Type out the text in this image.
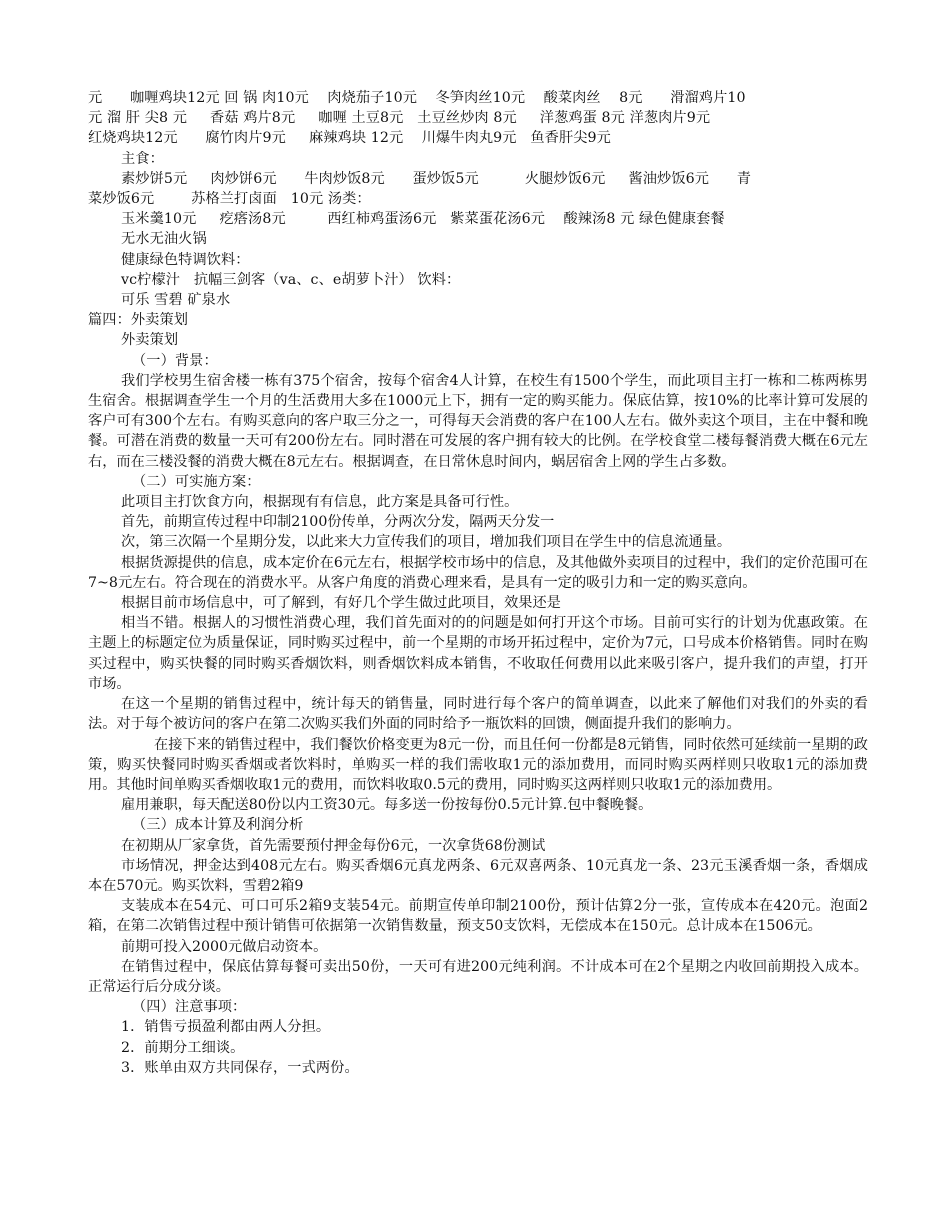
元      咖喱鸡块12元 回 锅 肉10元    肉烧茄子10元    冬笋肉丝10元    酸菜肉丝    8元      滑溜鸡片10
元 溜 肝 尖8 元     香菇 鸡片8元     咖喱 土豆8元   土豆丝炒肉 8元     洋葱鸡蛋 8元 洋葱肉片9元
红烧鸡块12元      腐竹肉片9元     麻辣鸡块 12元    川爆牛肉丸9元   鱼香肝尖9元
主食：
素炒饼5元     肉炒饼6元      牛肉炒饭8元      蛋炒饭5元          火腿炒饭6元     酱油炒饭6元      青
菜炒饭6元        苏格兰打卤面   10元 汤类：
玉米羹10元     疙瘩汤8元         西红柿鸡蛋汤6元   紫菜蛋花汤6元    酸辣汤8 元 绿色健康套餐
无水无油火锅
健康绿色特调饮料：
vc柠檬汁   抗幅三剑客（va、c、e胡萝卜汁） 饮料：
可乐 雪碧 矿泉水
篇四：外卖策划
外卖策划
（一）背景：
我们学校男生宿舍楼一栋有375个宿舍，按每个宿舍4人计算，在校生有1500个学生，而此项目主打一栋和二栋两栋男生宿舍。根据调查学生一个月的生活费用大多在1000元上下，拥有一定的购买能力。保底估算，按10%的比率计算可发展的客户可有300个左右。有购买意向的客户取三分之一，可得每天会消费的客户在100人左右。做外卖这个项目，主在中餐和晚餐。可潜在消费的数量一天可有200份左右。同时潜在可发展的客户拥有较大的比例。在学校食堂二楼每餐消费大概在6元左右，而在三楼没餐的消费大概在8元左右。根据调查，在日常休息时间内，蜗居宿舍上网的学生占多数。
（二）可实施方案：
此项目主打饮食方向，根据现有有信息，此方案是具备可行性。
首先，前期宣传过程中印制2100份传单，分两次分发，隔两天分发一
次，第三次隔一个星期分发，以此来大力宣传我们的项目，增加我们项目在学生中的信息流通量。
根据货源提供的信息，成本定价在6元左右，根据学校市场中的信息，及其他做外卖项目的过程中，我们的定价范围可在7~8元左右。符合现在的消费水平。从客户角度的消费心理来看，是具有一定的吸引力和一定的购买意向。
根据目前市场信息中，可了解到，有好几个学生做过此项目，效果还是
相当不错。根据人的习惯性消费心理，我们首先面对的的问题是如何打开这个市场。目前可实行的计划为优惠政策。在主题上的标题定位为质量保证，同时购买过程中，前一个星期的市场开拓过程中，定价为7元，口号成本价格销售。同时在购买过程中，购买快餐的同时购买香烟饮料，则香烟饮料成本销售，不收取任何费用以此来吸引客户，提升我们的声望，打开市场。
在这一个星期的销售过程中，统计每天的销售量，同时进行每个客户的简单调查，以此来了解他们对我们的外卖的看法。对于每个被访问的客户在第二次购买我们外面的同时给予一瓶饮料的回馈，侧面提升我们的影响力。
在接下来的销售过程中，我们餐饮价格变更为8元一份，而且任何一份都是8元销售，同时依然可延续前一星期的政策，购买快餐同时购买香烟或者饮料时，单购买一样的我们需收取1元的添加费用，而同时购买两样则只收取1元的添加费用。其他时间单购买香烟收取1元的费用，而饮料收取0.5元的费用，同时购买这两样则只收取1元的添加费用。
雇用兼职，每天配送80份以内工资30元。每多送一份按每份0.5元计算.包中餐晚餐。
（三）成本计算及利润分析
在初期从厂家拿货，首先需要预付押金每份6元，一次拿货68份测试
市场情况，押金达到408元左右。购买香烟6元真龙两条、6元双喜两条、10元真龙一条、23元玉溪香烟一条，香烟成本在570元。购买饮料，雪碧2箱9
支装成本在54元、可口可乐2箱9支装54元。前期宣传单印制2100份，预计估算2分一张，宣传成本在420元。泡面2箱，在第二次销售过程中预计销售可依据第一次销售数量，预支50支饮料，无偿成本在150元。总计成本在1506元。
前期可投入2000元做启动资本。
在销售过程中，保底估算每餐可卖出50份，一天可有进200元纯利润。不计成本可在2个星期之内收回前期投入成本。正常运行后分成分谈。
（四）注意事项：
1．销售亏损盈利都由两人分担。
2．前期分工细谈。
3．账单由双方共同保存，一式两份。
